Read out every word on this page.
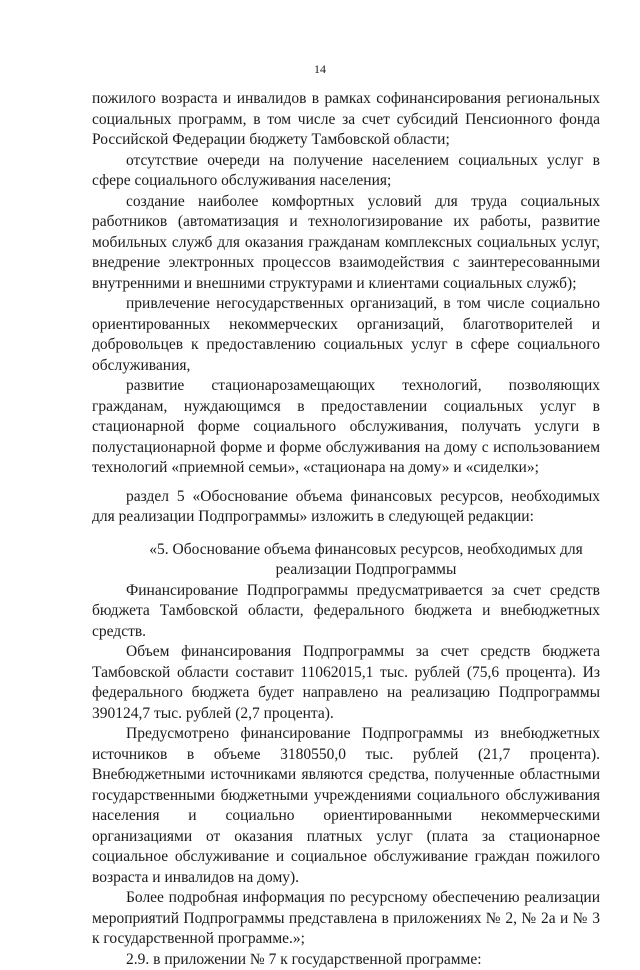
14

пожилого возраста и инвалидов в рамках софинансирования региональных социальных программ, в том числе за счет субсидий Пенсионного фонда Российской Федерации бюджету Тамбовской области;

отсутствие очереди на получение населением социальных услуг в сфере социального обслуживания населения;

создание наиболее комфортных условий для труда социальных работников (автоматизация и технологизирование их работы, развитие мобильных служб для оказания гражданам комплексных социальных услуг, внедрение электронных процессов взаимодействия с заинтересованными внутренними и внешними структурами и клиентами социальных служб);

привлечение негосударственных организаций, в том числе социально ориентированных некоммерческих организаций, благотворителей и добровольцев к предоставлению социальных услуг в сфере социального обслуживания,

развитие стационарозамещающих технологий, позволяющих гражданам, нуждающимся в предоставлении социальных услуг в стационарной форме социального обслуживания, получать услуги в полустационарной форме и форме обслуживания на дому с использованием технологий «приемной семьи», «стационара на дому» и «сиделки»;

раздел 5 «Обоснование объема финансовых ресурсов, необходимых для реализации Подпрограммы» изложить в следующей редакции:

«5. Обоснование объема финансовых ресурсов, необходимых для реализации Подпрограммы

Финансирование Подпрограммы предусматривается за счет средств бюджета Тамбовской области, федерального бюджета и внебюджетных средств.

Объем финансирования Подпрограммы за счет средств бюджета Тамбовской области составит 11062015,1 тыс. рублей (75,6 процента). Из федерального бюджета будет направлено на реализацию Подпрограммы 390124,7 тыс. рублей (2,7 процента).

Предусмотрено финансирование Подпрограммы из внебюджетных источников в объеме 3180550,0 тыс. рублей (21,7 процента). Внебюджетными источниками являются средства, полученные областными государственными бюджетными учреждениями социального обслуживания населения и социально ориентированными некоммерческими организациями от оказания платных услуг (плата за стационарное социальное обслуживание и социальное обслуживание граждан пожилого возраста и инвалидов на дому).

Более подробная информация по ресурсному обеспечению реализации мероприятий Подпрограммы представлена в приложениях № 2, № 2а и № 3 к государственной программе.»;

2.9. в приложении № 7 к государственной программе:
